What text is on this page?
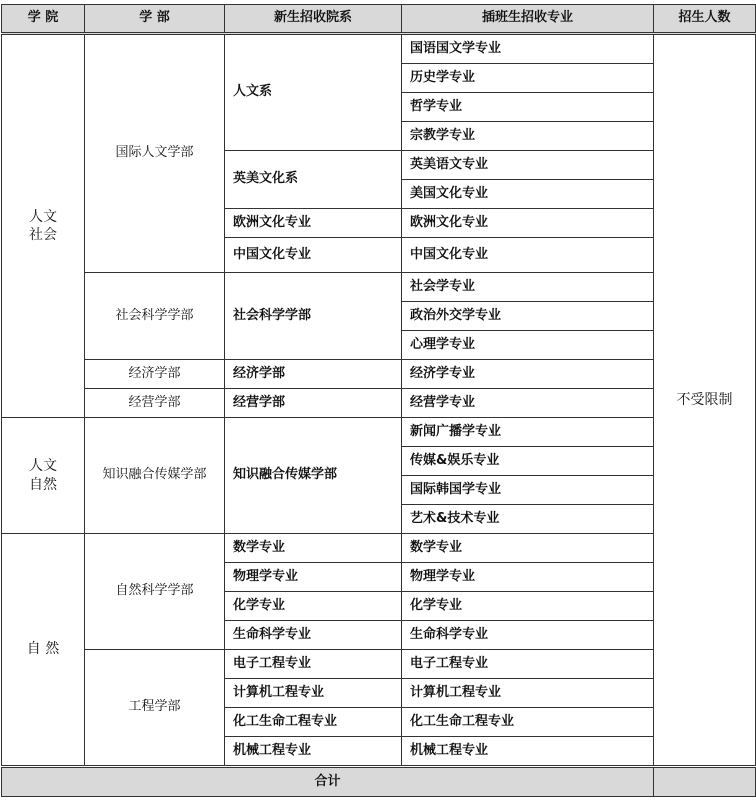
学 院	学 部	新生招收院系	插班生招收专业	招生人数
人文
社会	国际人文学部	人文系	国语国文学专业	不受限制
			历史学专业	
			哲学专业	
			宗教学专业	
		英美文化系	英美语文专业	
			美国文化专业	
		欧洲文化专业	欧洲文化专业	
		中国文化专业	中国文化专业	
	社会科学学部	社会科学学部	社会学专业	
			政治外交学专业	
			心理学专业	
	经济学部	经济学部	经济学专业	
	经营学部	经营学部	经营学专业	
人文
自然	知识融合传媒学部	知识融合传媒学部	新闻广播学专业	
			传媒&娱乐专业	
			国际韩国学专业	
			艺术&技术专业	
自 然	自然科学学部	数学专业	数学专业	
		物理学专业	物理学专业	
		化学专业	化学专业	
		生命科学专业	生命科学专业	
	工程学部	电子工程专业	电子工程专业	
		计算机工程专业	计算机工程专业	
		化工生命工程专业	化工生命工程专业	
		机械工程专业	机械工程专业	
合计				
